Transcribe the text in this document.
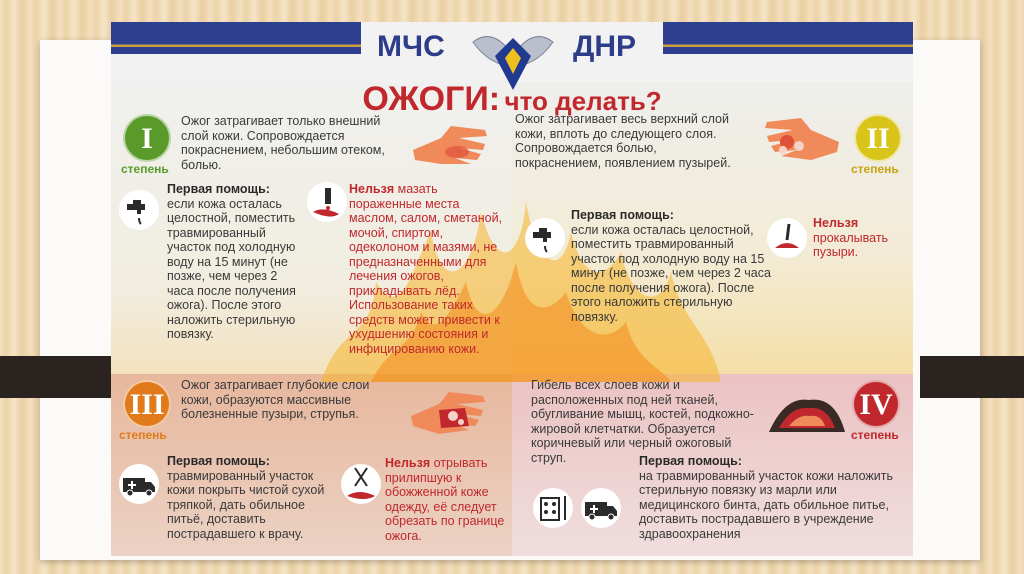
МЧС	ДНР
ОЖОГИ: что делать?
I
степень
Ожог затрагивает только внешний слой кожи. Сопровождается покраснением, небольшим отеком, болью.
Первая помощь:
если кожа осталась целостной, поместить травмированный участок под холодную воду на 15 минут (не позже, чем через 2 часа после получения ожога). После этого наложить стерильную повязку.
Нельзя мазать пораженные места маслом, салом, сметаной, мочой, спиртом, одеколоном и мазями, не предназначенными для лечения ожогов, прикладывать лёд. Использование таких средств может привести к ухудшению состояния и инфицированию кожи.
II
степень
Ожог затрагивает весь верхний слой кожи, вплоть до следующего слоя. Сопровождается болью, покраснением, появлением пузырей.
Первая помощь:
если кожа осталась целостной, поместить травмированный участок под холодную воду на 15 минут (не позже, чем через 2 часа после получения ожога). После этого наложить стерильную повязку.
Нельзя
прокалывать пузыри.
III
степень
Ожог затрагивает глубокие слои кожи, образуются массивные болезненные пузыри, струпья.
Первая помощь:
травмированный участок кожи покрыть чистой сухой тряпкой, дать обильное питьё, доставить пострадавшего к врачу.
Нельзя отрывать прилипшую к обожженной коже одежду, её следует обрезать по границе ожога.
IV
степень
Гибель всех слоев кожи и расположенных под ней тканей, обугливание мышц, костей, подкожно-жировой клетчатки. Образуется коричневый или черный ожоговый струп.	Первая помощь:
на травмированный участок кожи наложить стерильную повязку из марли или медицинского бинта, дать обильное питье, доставить пострадавшего в учреждение здравоохранения
